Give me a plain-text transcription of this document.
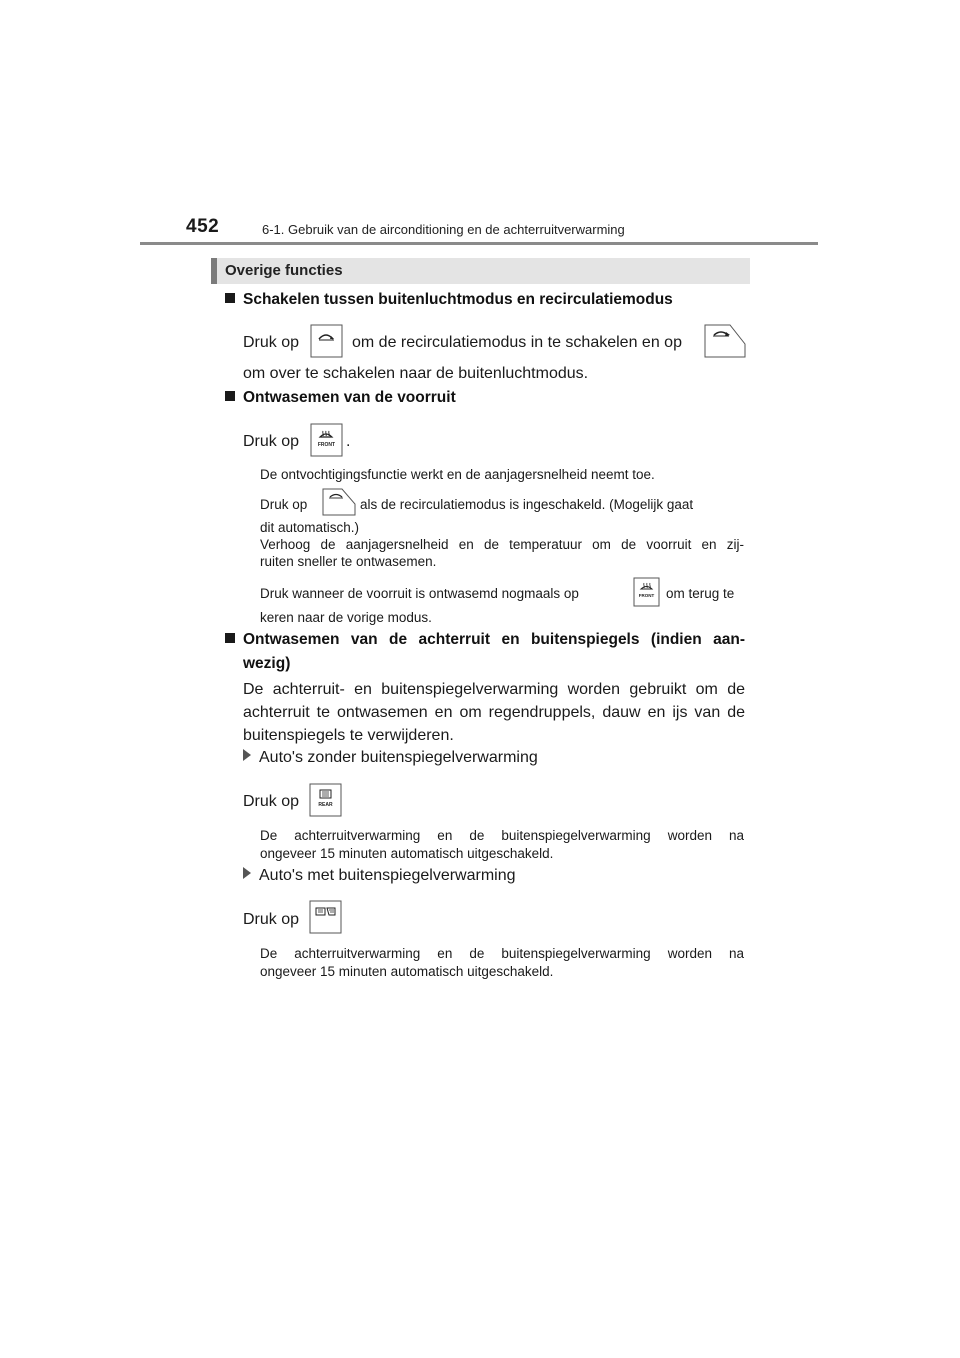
452	6-1. Gebruik van de airconditioning en de achterruitverwarming
Overige functies
Schakelen tussen buitenluchtmodus en recirculatiemodus
Druk op	om de recirculatiemodus in te schakelen en op
om over te schakelen naar de buitenluchtmodus.
Ontwasemen van de voorruit
Druk op	FRONT .
De ontvochtigingsfunctie werkt en de aanjagersnelheid neemt toe.
Druk op	als de recirculatiemodus is ingeschakeld. (Mogelijk gaat
dit automatisch.)
Verhoog de aanjagersnelheid en de temperatuur om de voorruit en zij-
ruiten sneller te ontwasemen.
Druk wanneer de voorruit is ontwasemd nogmaals op	FRONT om terug te
keren naar de vorige modus.
Ontwasemen van de achterruit en buitenspiegels (indien aan-
wezig)
De achterruit- en buitenspiegelverwarming worden gebruikt om de
achterruit te ontwasemen en om regendruppels, dauw en ijs van de
buitenspiegels te verwijderen.
Auto's zonder buitenspiegelverwarming
Druk op	REAR
De achterruitverwarming en de buitenspiegelverwarming worden na
ongeveer 15 minuten automatisch uitgeschakeld.
Auto's met buitenspiegelverwarming
Druk op
De achterruitverwarming en de buitenspiegelverwarming worden na
ongeveer 15 minuten automatisch uitgeschakeld.
